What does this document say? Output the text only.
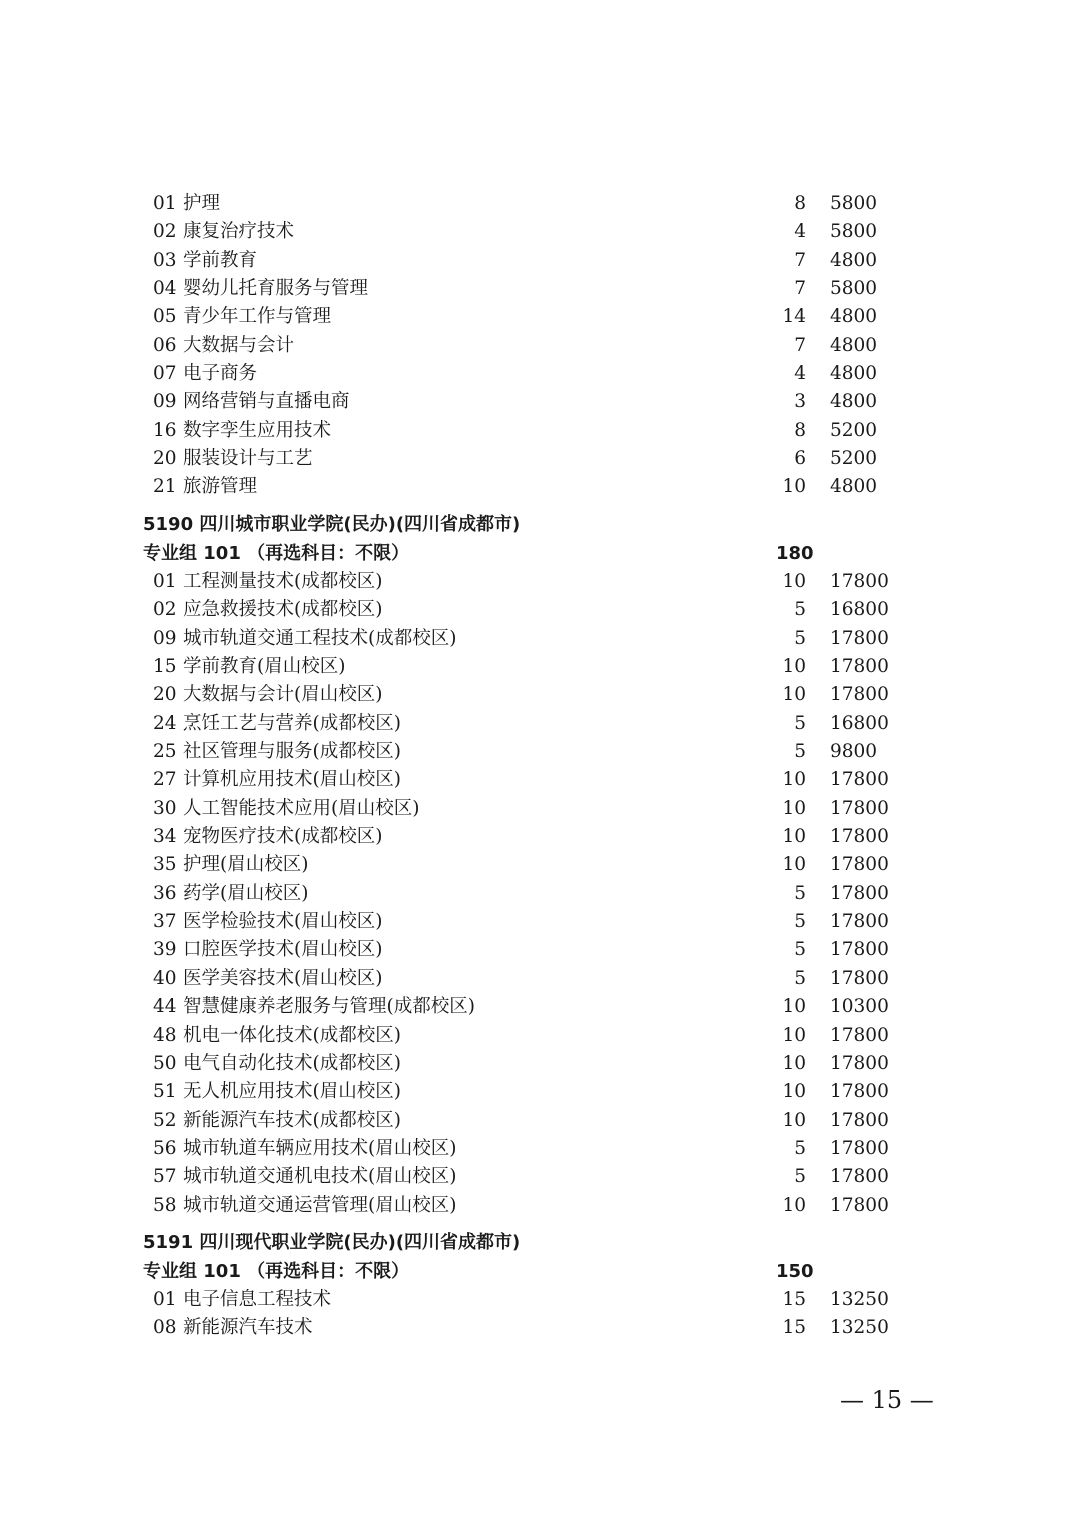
01 护理	8 5800
02 康复治疗技术	4 5800
03 学前教育	7 4800
04 婴幼儿托育服务与管理	7 5800
05 青少年工作与管理	14 4800
06 大数据与会计	7 4800
07 电子商务	4 4800
09 网络营销与直播电商	3 4800
16 数字孪生应用技术	8 5200
20 服装设计与工艺	6 5200
21 旅游管理	10 4800
5190 四川城市职业学院(民办)(四川省成都市)
专业组 101 （再选科目：不限）	180
01 工程测量技术(成都校区)	10 17800
02 应急救援技术(成都校区)	5 16800
09 城市轨道交通工程技术(成都校区)	5 17800
15 学前教育(眉山校区)	10 17800
20 大数据与会计(眉山校区)	10 17800
24 烹饪工艺与营养(成都校区)	5 16800
25 社区管理与服务(成都校区)	5 9800
27 计算机应用技术(眉山校区)	10 17800
30 人工智能技术应用(眉山校区)	10 17800
34 宠物医疗技术(成都校区)	10 17800
35 护理(眉山校区)	10 17800
36 药学(眉山校区)	5 17800
37 医学检验技术(眉山校区)	5 17800
39 口腔医学技术(眉山校区)	5 17800
40 医学美容技术(眉山校区)	5 17800
44 智慧健康养老服务与管理(成都校区)	10 10300
48 机电一体化技术(成都校区)	10 17800
50 电气自动化技术(成都校区)	10 17800
51 无人机应用技术(眉山校区)	10 17800
52 新能源汽车技术(成都校区)	10 17800
56 城市轨道车辆应用技术(眉山校区)	5 17800
57 城市轨道交通机电技术(眉山校区)	5 17800
58 城市轨道交通运营管理(眉山校区)	10 17800
5191 四川现代职业学院(民办)(四川省成都市)
专业组 101 （再选科目：不限）	150
01 电子信息工程技术	15 13250
08 新能源汽车技术	15 13250
— 15 —
